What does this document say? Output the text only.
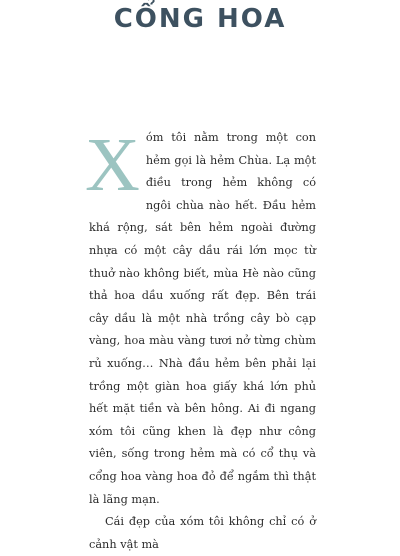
CỔNG HOA

Xóm tôi nằm trong một con hẻm gọi là hẻm Chùa. Lạ một điều trong hẻm không có ngôi chùa nào hết. Đầu hẻm khá rộng, sát bên hẻm ngoài đường nhựa có một cây dầu rái lớn mọc từ thuở nào không biết, mùa Hè nào cũng thả hoa dầu xuống rất đẹp. Bên trái cây dầu là một nhà trồng cây bò cạp vàng, hoa màu vàng tươi nở từng chùm rủ xuống… Nhà đầu hẻm bên phải lại trồng một giàn hoa giấy khá lớn phủ hết mặt tiền và bên hông. Ai đi ngang xóm tôi cũng khen là đẹp như công viên, sống trong hẻm mà có cổ thụ và cổng hoa vàng hoa đỏ để ngắm thì thật là lãng mạn.

Cái đẹp của xóm tôi không chỉ có ở cảnh vật mà
